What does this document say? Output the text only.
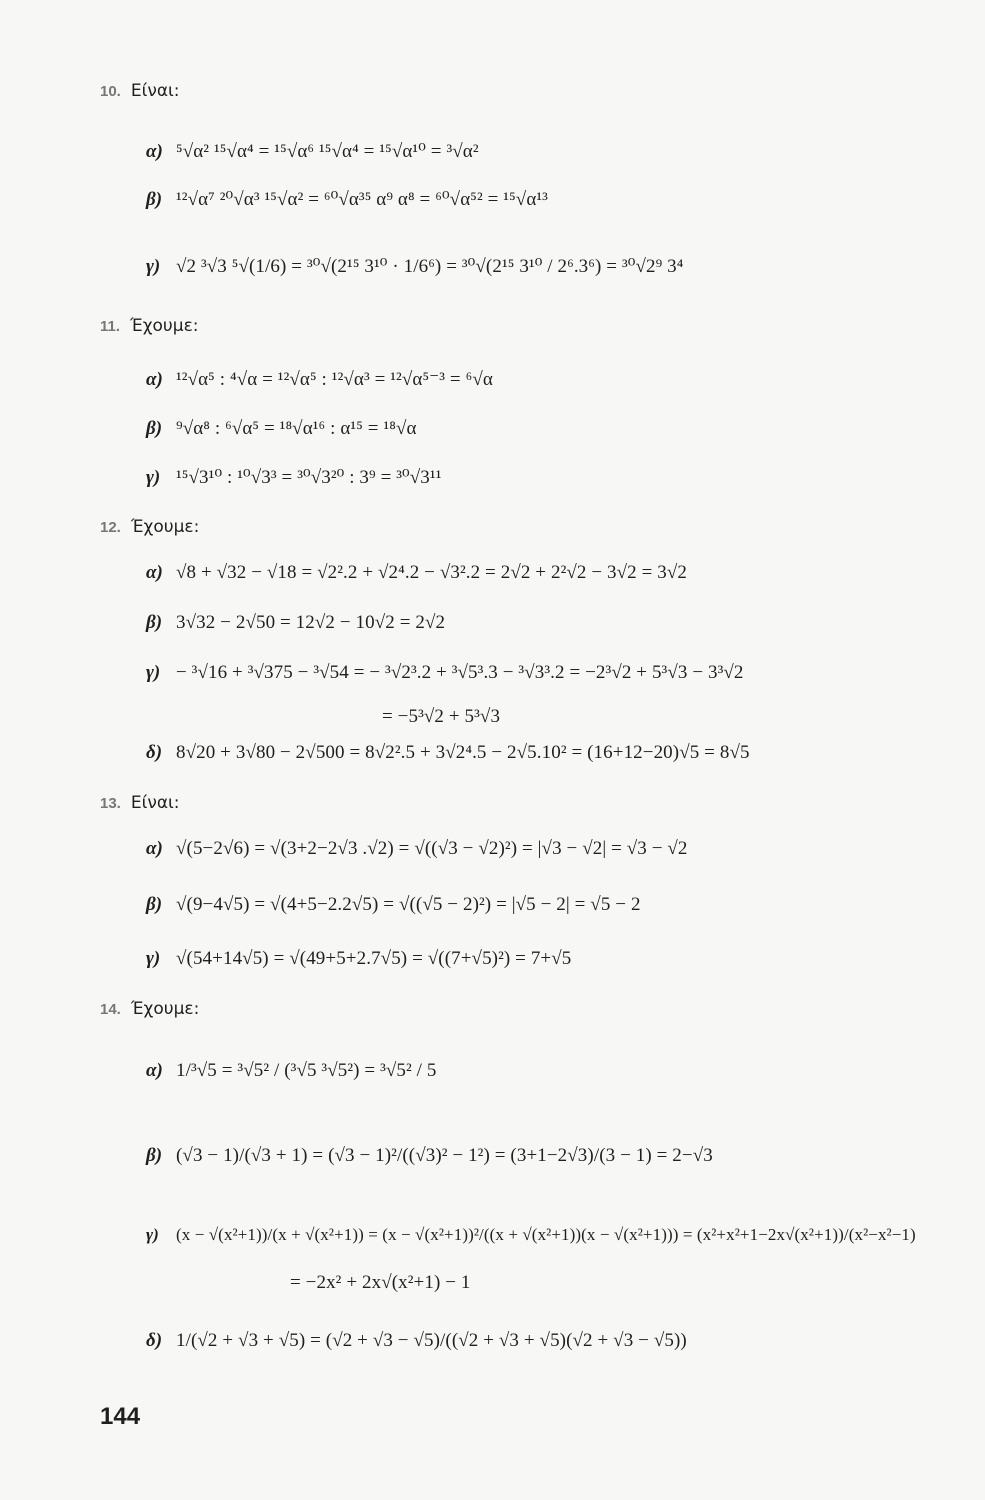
10. Είναι:
α) ⁵√α² ¹⁵√α⁴ = ¹⁵√α⁶ ¹⁵√α⁴ = ¹⁵√α¹⁰ = ³√α²
β) ¹²√α⁷ ²⁰√α³ ¹⁵√α² = ⁶⁰√α³⁵ α⁹ α⁸ = ⁶⁰√α⁵² = ¹⁵√α¹³
γ) √2 ³√3 ⁵√(1/6) = ³⁰√(2¹⁵ 3¹⁰ · 1/6⁶) = ³⁰√(2¹⁵ 3¹⁰ / 2⁶.3⁶) = ³⁰√2⁹ 3⁴
11. Έχουμε:
α) ¹²√α⁵ : ⁴√α = ¹²√α⁵ : ¹²√α³ = ¹²√α⁵⁻³ = ⁶√α
β) ⁹√α⁸ : ⁶√α⁵ = ¹⁸√α¹⁶ : α¹⁵ = ¹⁸√α
γ) ¹⁵√3¹⁰ : ¹⁰√3³ = ³⁰√3²⁰ : 3⁹ = ³⁰√3¹¹
12. Έχουμε:
α) √8 + √32 − √18 = √2².2 + √2⁴.2 − √3².2 = 2√2 + 2²√2 − 3√2 = 3√2
β) 3√32 − 2√50 = 12√2 − 10√2 = 2√2
γ) − ³√16 + ³√375 − ³√54 = − ³√2³.2 + ³√5³.3 − ³√3³.2 = −2³√2 + 5³√3 − 3³√2
= −5³√2 + 5³√3
δ) 8√20 + 3√80 − 2√500 = 8√2².5 + 3√2⁴.5 − 2√5.10² = (16+12−20)√5 = 8√5
13. Είναι:
α) √(5−2√6) = √(3+2−2√3 .√2) = √((√3 − √2)²) = |√3 − √2| = √3 − √2
β) √(9−4√5) = √(4+5−2.2√5) = √((√5 − 2)²) = |√5 − 2| = √5 − 2
γ) √(54+14√5) = √(49+5+2.7√5) = √((7+√5)²) = 7+√5
14. Έχουμε:
α) 1/³√5 = ³√5² / (³√5 ³√5²) = ³√5² / 5
β) (√3 − 1)/(√3 + 1) = (√3 − 1)²/((√3)² − 1²) = (3+1−2√3)/(3 − 1) = 2−√3
γ) (x − √(x²+1))/(x + √(x²+1)) = (x − √(x²+1))²/((x + √(x²+1))(x − √(x²+1))) = (x²+x²+1−2x√(x²+1))/(x²−x²−1)
= −2x² + 2x√(x²+1) − 1
δ) 1/(√2 + √3 + √5) = (√2 + √3 − √5)/((√2 + √3 + √5)(√2 + √3 − √5))
144
